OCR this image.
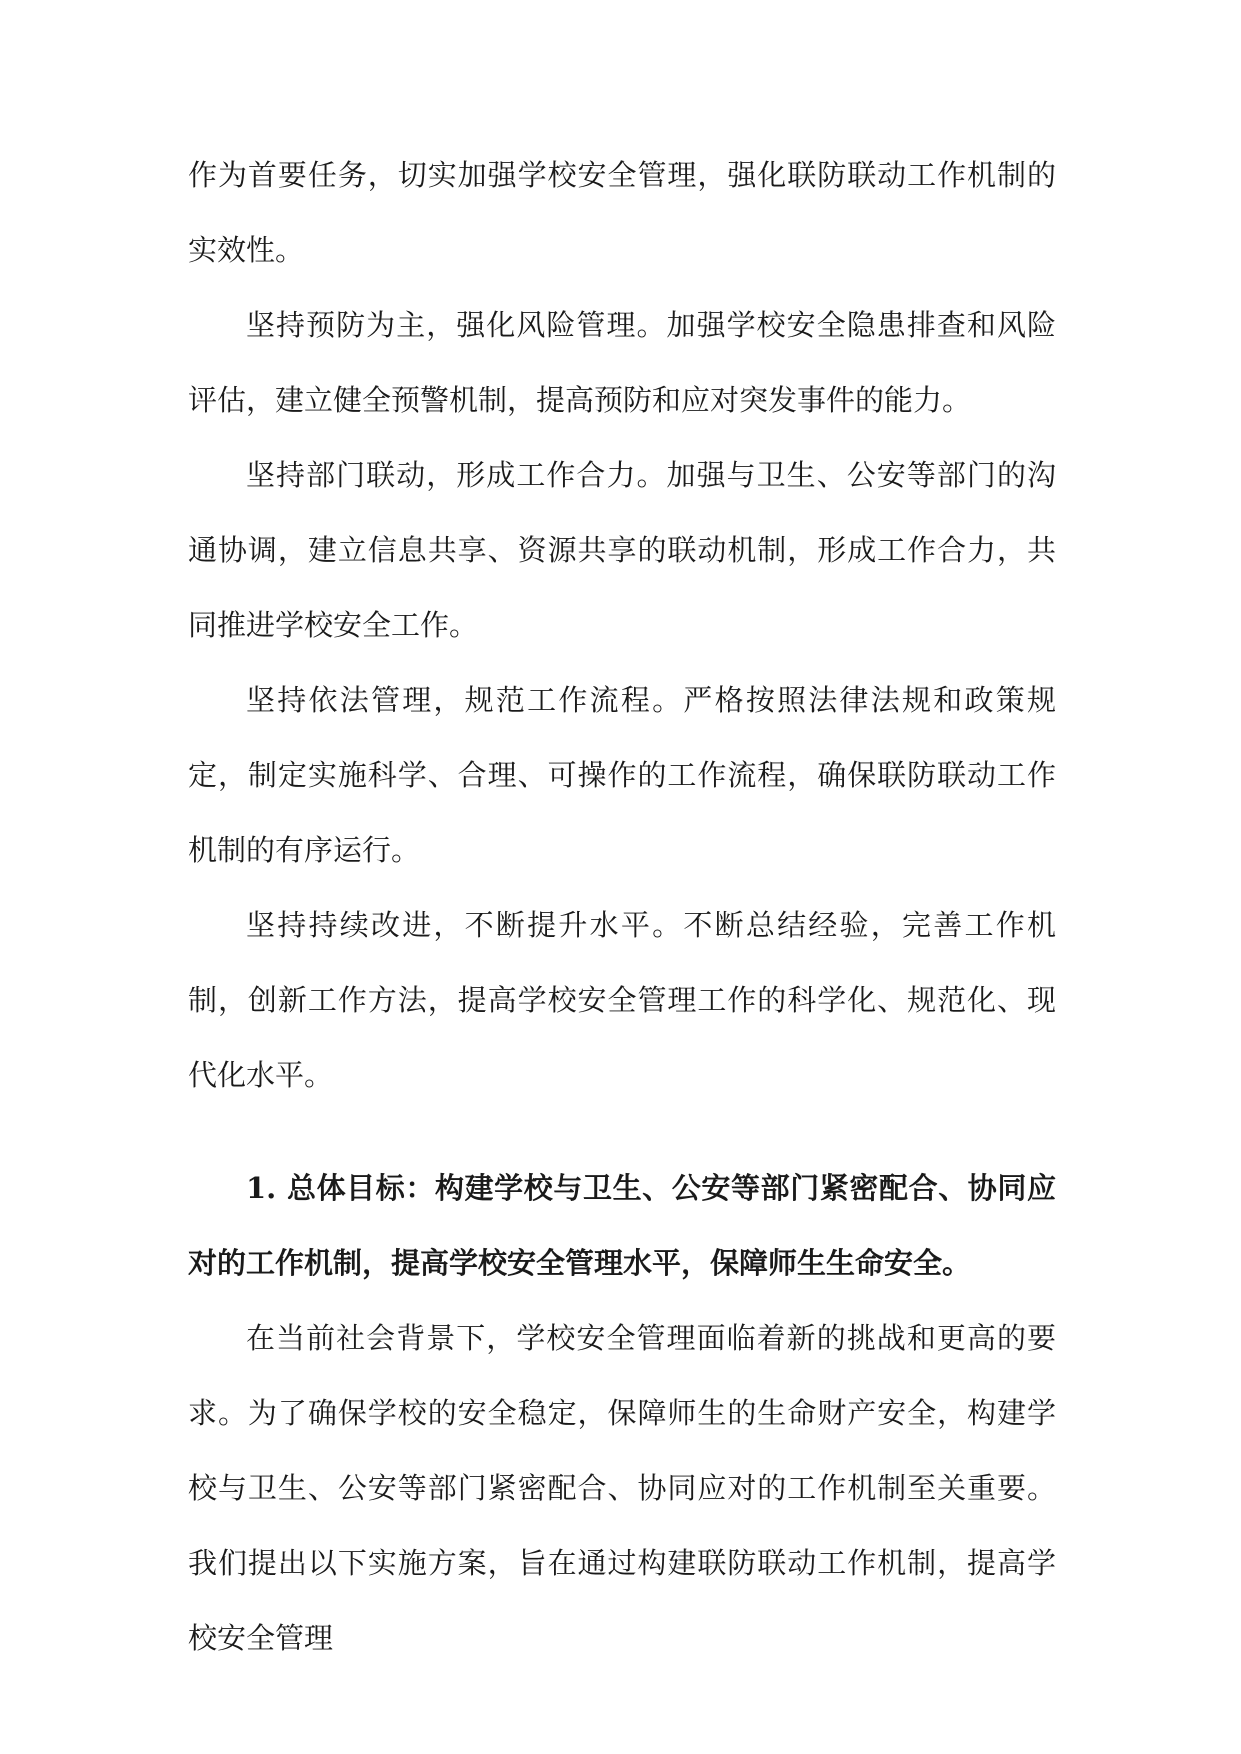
作为首要任务，切实加强学校安全管理，强化联防联动工作机制的实效性。

坚持预防为主，强化风险管理。加强学校安全隐患排查和风险评估，建立健全预警机制，提高预防和应对突发事件的能力。

坚持部门联动，形成工作合力。加强与卫生、公安等部门的沟通协调，建立信息共享、资源共享的联动机制，形成工作合力，共同推进学校安全工作。

坚持依法管理，规范工作流程。严格按照法律法规和政策规定，制定实施科学、合理、可操作的工作流程，确保联防联动工作机制的有序运行。

坚持持续改进，不断提升水平。不断总结经验，完善工作机制，创新工作方法，提高学校安全管理工作的科学化、规范化、现代化水平。

1. 总体目标：构建学校与卫生、公安等部门紧密配合、协同应对的工作机制，提高学校安全管理水平，保障师生生命安全。

在当前社会背景下，学校安全管理面临着新的挑战和更高的要求。为了确保学校的安全稳定，保障师生的生命财产安全，构建学校与卫生、公安等部门紧密配合、协同应对的工作机制至关重要。我们提出以下实施方案，旨在通过构建联防联动工作机制，提高学校安全管理
